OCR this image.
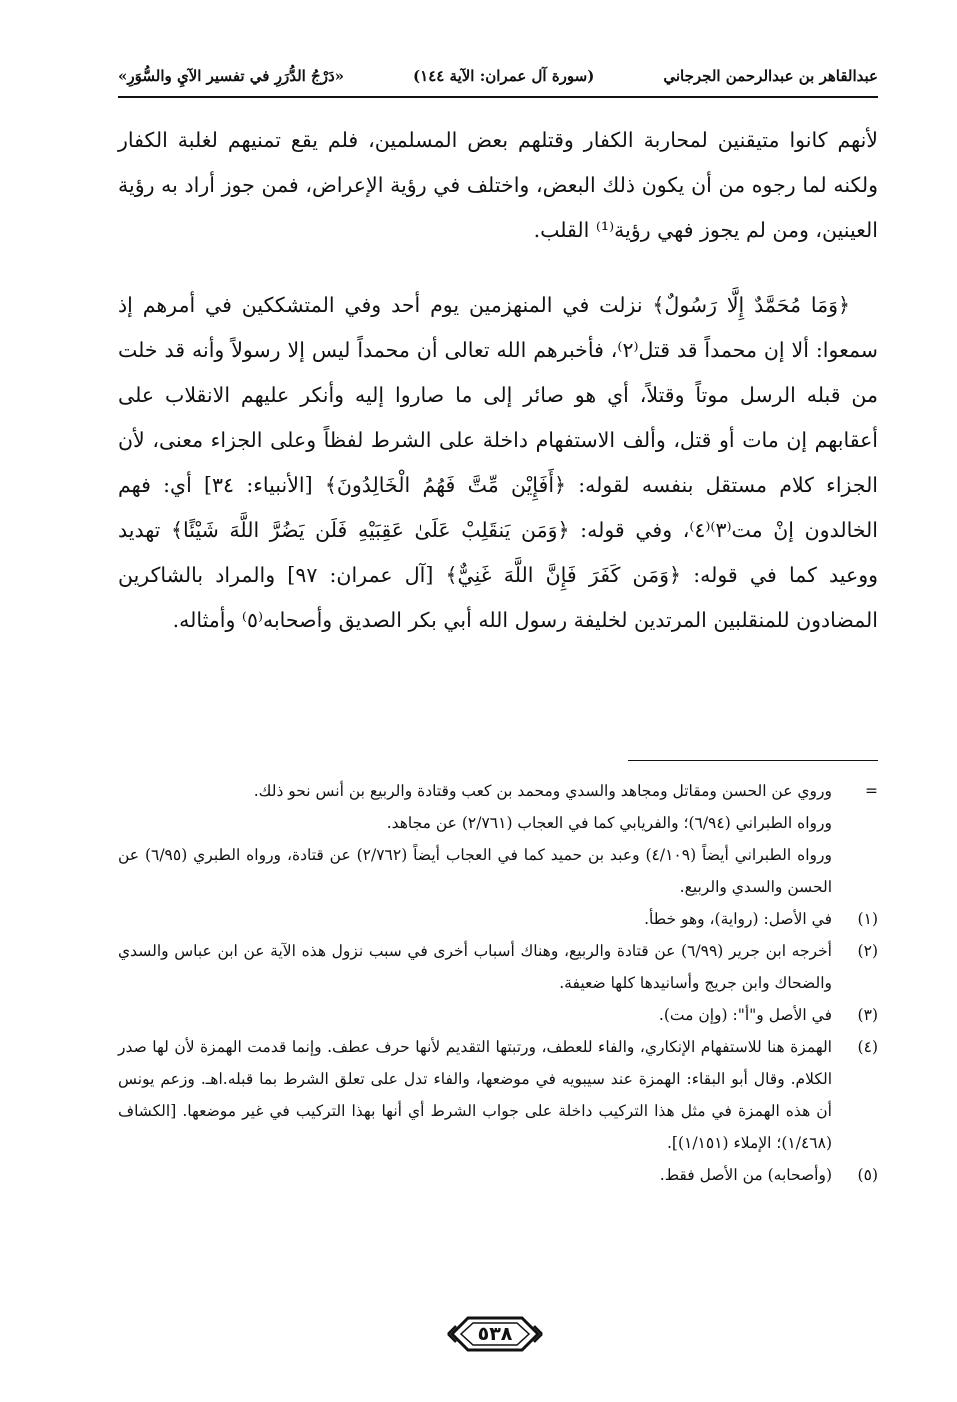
عبدالقاهر بن عبدالرحمن الجرجاني
(سورة آل عمران: الآية ١٤٤)
«دَرْجُ الدُّرَرِ في تفسير الآيِ والسُّوَرِ»

لأنهم كانوا متيقنين لمحاربة الكفار وقتلهم بعض المسلمين، فلم يقع تمنيهم لغلبة الكفار ولكنه لما رجوه من أن يكون ذلك البعض، واختلف في رؤية الإعراض، فمن جوز أراد به رؤية العينين، ومن لم يجوز فهي رؤية⁽¹⁾ القلب.

﴿وَمَا مُحَمَّدٌ إِلَّا رَسُولٌ﴾ نزلت في المنهزمين يوم أحد وفي المتشككين في أمرهم إذ سمعوا: ألا إن محمداً قد قتل⁽٢⁾، فأخبرهم الله تعالى أن محمداً ليس إلا رسولاً وأنه قد خلت من قبله الرسل موتاً وقتلاً، أي هو صائر إلى ما صاروا إليه وأنكر عليهم الانقلاب على أعقابهم إن مات أو قتل، وألف الاستفهام داخلة على الشرط لفظاً وعلى الجزاء معنى، لأن الجزاء كلام مستقل بنفسه لقوله: ﴿أَفَإِيْن مِّتَّ فَهُمُ الْخَالِدُونَ﴾ [الأنبياء: ٣٤] أي: فهم الخالدون إنْ مت⁽٣⁾⁽٤⁾، وفي قوله: ﴿وَمَن يَنقَلِبْ عَلَىٰ عَقِبَيْهِ فَلَن يَضُرَّ اللَّهَ شَيْئًا﴾ تهديد ووعيد كما في قوله: ﴿وَمَن كَفَرَ فَإِنَّ اللَّهَ غَنِيٌّ﴾ [آل عمران: ٩٧] والمراد بالشاكرين المضادون للمنقلبين المرتدين لخليفة رسول الله أبي بكر الصديق وأصحابه⁽٥⁾ وأمثاله.

=
وروي عن الحسن ومقاتل ومجاهد والسدي ومحمد بن كعب وقتادة والربيع بن أنس نحو ذلك.
ورواه الطبراني (٦/٩٤)؛ والفريابي كما في العجاب (٢/٧٦١) عن مجاهد.
ورواه الطبراني أيضاً (٤/١٠٩) وعبد بن حميد كما في العجاب أيضاً (٢/٧٦٢) عن قتادة، ورواه الطبري (٦/٩٥) عن الحسن والسدي والربيع.
(١)
في الأصل: (رواية)، وهو خطأ.
(٢)
أخرجه ابن جرير (٦/٩٩) عن قتادة والربيع، وهناك أسباب أخرى في سبب نزول هذه الآية عن ابن عباس والسدي والضحاك وابن جريج وأسانيدها كلها ضعيفة.
(٣)
في الأصل و"أ": (وإن مت).
(٤)
الهمزة هنا للاستفهام الإنكاري، والفاء للعطف، ورتبتها التقديم لأنها حرف عطف. وإنما قدمت الهمزة لأن لها صدر الكلام. وقال أبو البقاء: الهمزة عند سيبويه في موضعها، والفاء تدل على تعلق الشرط بما قبله.اهـ. وزعم يونس أن هذه الهمزة في مثل هذا التركيب داخلة على جواب الشرط أي أنها بهذا التركيب في غير موضعها. [الكشاف (١/٤٦٨)؛ الإملاء (١/١٥١)].
(٥)
(وأصحابه) من الأصل فقط.
٥٣٨
